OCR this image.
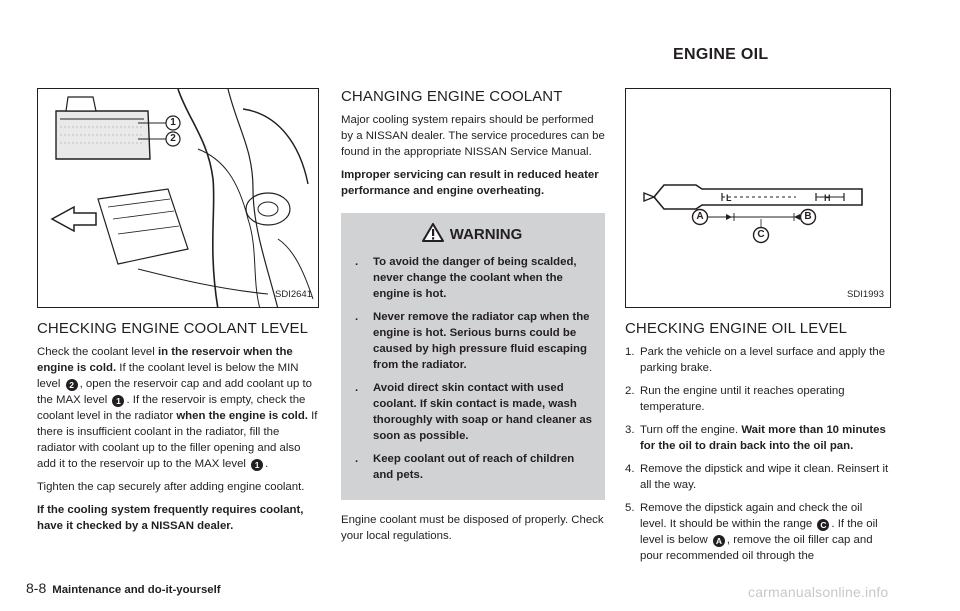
ENGINE OIL
1
2
SDI2641
CHECKING ENGINE COOLANT LEVEL

Check the coolant level in the reservoir when the engine is cold. If the coolant level is below the MIN level 2 , open the reservoir cap and add coolant up to the MAX level 1 . If the reservoir is empty, check the coolant level in the radiator when the engine is cold. If there is insufficient coolant in the radiator, fill the radiator with coolant up to the filler opening and also add it to the reservoir up to the MAX level 1 .

Tighten the cap securely after adding engine coolant.

If the cooling system frequently requires coolant, have it checked by a NISSAN dealer.

CHANGING ENGINE COOLANT

Major cooling system repairs should be performed by a NISSAN dealer. The service procedures can be found in the appropriate NISSAN Service Manual.

Improper servicing can result in reduced heater performance and engine overheating.

WARNING
. To avoid the danger of being scalded, never change the coolant when the engine is hot.
. Never remove the radiator cap when the engine is hot. Serious burns could be caused by high pressure fluid escaping from the radiator.
. Avoid direct skin contact with used coolant. If skin contact is made, wash thoroughly with soap or hand cleaner as soon as possible.
. Keep coolant out of reach of children and pets.

Engine coolant must be disposed of properly. Check your local regulations.

L	H
A	B
C
SDI1993
CHECKING ENGINE OIL LEVEL
1. Park the vehicle on a level surface and apply the parking brake.
2. Run the engine until it reaches operating temperature.
3. Turn off the engine. Wait more than 10 minutes for the oil to drain back into the oil pan.
4. Remove the dipstick and wipe it clean. Reinsert it all the way.
5. Remove the dipstick again and check the oil level. It should be within the range C . If the oil level is below A , remove the oil filler cap and pour recommended oil through the
8-8 Maintenance and do-it-yourself	carmanualsonline.info
